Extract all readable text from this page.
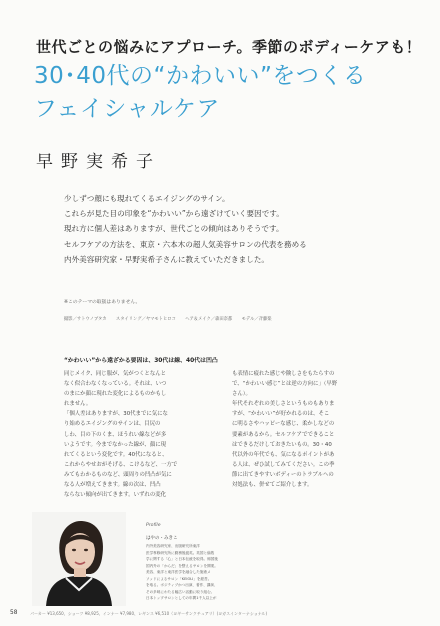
世代ごとの悩みにアプローチ。季節のボディーケアも！
30･40代の“かわいい”をつくる
フェイシャルケア
早野実希子
少しずつ顔にも現れてくるエイジングのサイン。
これらが見た目の印象を“かわいい”から遠ざけていく要因です。
現れ方に個人差はありますが、世代ごとの傾向はありそうです。
セルフケアの方法を、東京・六本木の超人気美容サロンの代表を務める
内外美容研究家・早野実希子さんに教えていただきました。
※このテーマの取扱はありません。
撮影／サトウノブタカ スタイリング／ヤマモトヒロコ ヘア＆メイク／森田奈都 モデル／斉藤楽
“かわいい”から遠ざかる要因は、30代は線、40代は凹凸
同じメイク、同じ服が、気がつくとなんと
なく似合わなくなっている。それは、いつ
のまにか顔に現れた変化によるものかもし
れません。
「個人差はありますが、30代までに気にな
り始めるエイジングのサインは、目尻の
しわ、目の下のくま、ほうれい線などが多
いようです。今までなかった線が、顔に現
れてくるという変化です。40代になると、
これからやせおがそげる、こけるなど、一方で
みてもわかるものなど、頭周りの凹凸が気に
なる人が増えてきます。線の次は、凹凸
ならない傾向が出てきます。いずれの変化
も表情に疲れた感じや険しさをもたらすの
で、“かわいい感じ”とは逆の方向に」（早野
さん）。
年代それぞれの美しさというものもありま
すが、“かわいい”が好かれるのは、そこ
に明るさやハッピーな感じ、柔かしなどの
要素があるから。セルフケアでできること
はできるだけしておきたいもの。30・40
代以外の年代でも、気になるポイントがあ
る人は、ぜひ試してみてください。この季
節に出てきやすいボディーのトラブルへの
対処法も、併せてご紹介します。
Profile
はやの・みきこ
内外美容研究家、出版研究所東洋
医学専修研究所に勤務後渡英。英国と倫敦
学に関する「心」と日本伝統を取得。帰国後
国内外の「からだ」を整えるサロンを開業。
美容、東洋と東洋医学を融合した施術メ
ソッドによるサロン「KEIOLI」を経営。
を取る。ポジティブかつ出演、著作、講演、
その多岐にわたる幅広い活動に取り組む。
日本トップサロンとしての年間1千人以上が
58	パーカー ¥13,650、ショーツ ¥8,925、インナー ¥7,980、レギンス ¥6,510（ヨギーサンクチュアリ）(ヨガスインターナショナル)
